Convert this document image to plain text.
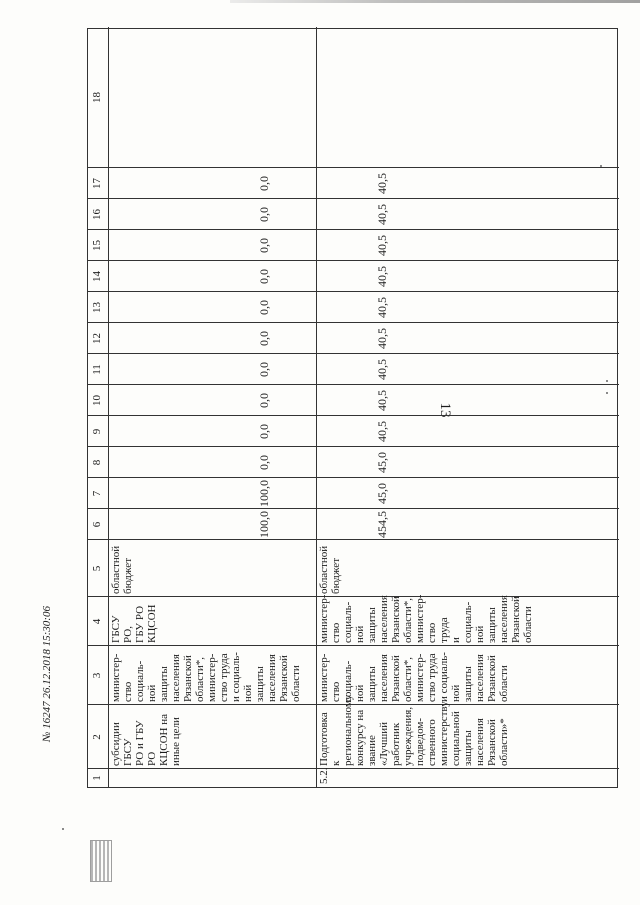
13
1
2
3
4
5
6
7
8
9
10
11
12
13
14
15
16
17
18
субсидии ГБСУ
РО и ГБУ РО
КЦСОН на
иные цели
министер-
ство
социаль-
ной
защиты
населения
Рязанской
области*,
министер-
ство труда
и социаль-
ной
защиты
населения
Рязанской
области
ГБСУ РО,
ГБУ РО
КЦСОН
областной
бюджет
100,0
100,0
0,0
0,0
0,0
0,0
0,0
0,0
0,0
0,0
0,0
0,0
5.2.
Подготовка к
региональному
конкурсу на
звание
«Лучший
работник
учреждения,
подведом-
ственного
министерству
социальной
защиты
населения
Рязанской
области»*
министер-
ство
социаль-
ной
защиты
населения
Рязанской
области*,
министер-
ство труда
и социаль-
ной
защиты
населения
Рязанской
области
министер-
ство
социаль-
ной
защиты
населения
Рязанской
области*,
министер-
ство труда
и социаль-
ной
защиты
населения
Рязанской
области
областной
бюджет
454,5
45,0
45,0
40,5
40,5
40,5
40,5
40,5
40,5
40,5
40,5
40,5
№ 16247 26.12.2018 15:30:06
